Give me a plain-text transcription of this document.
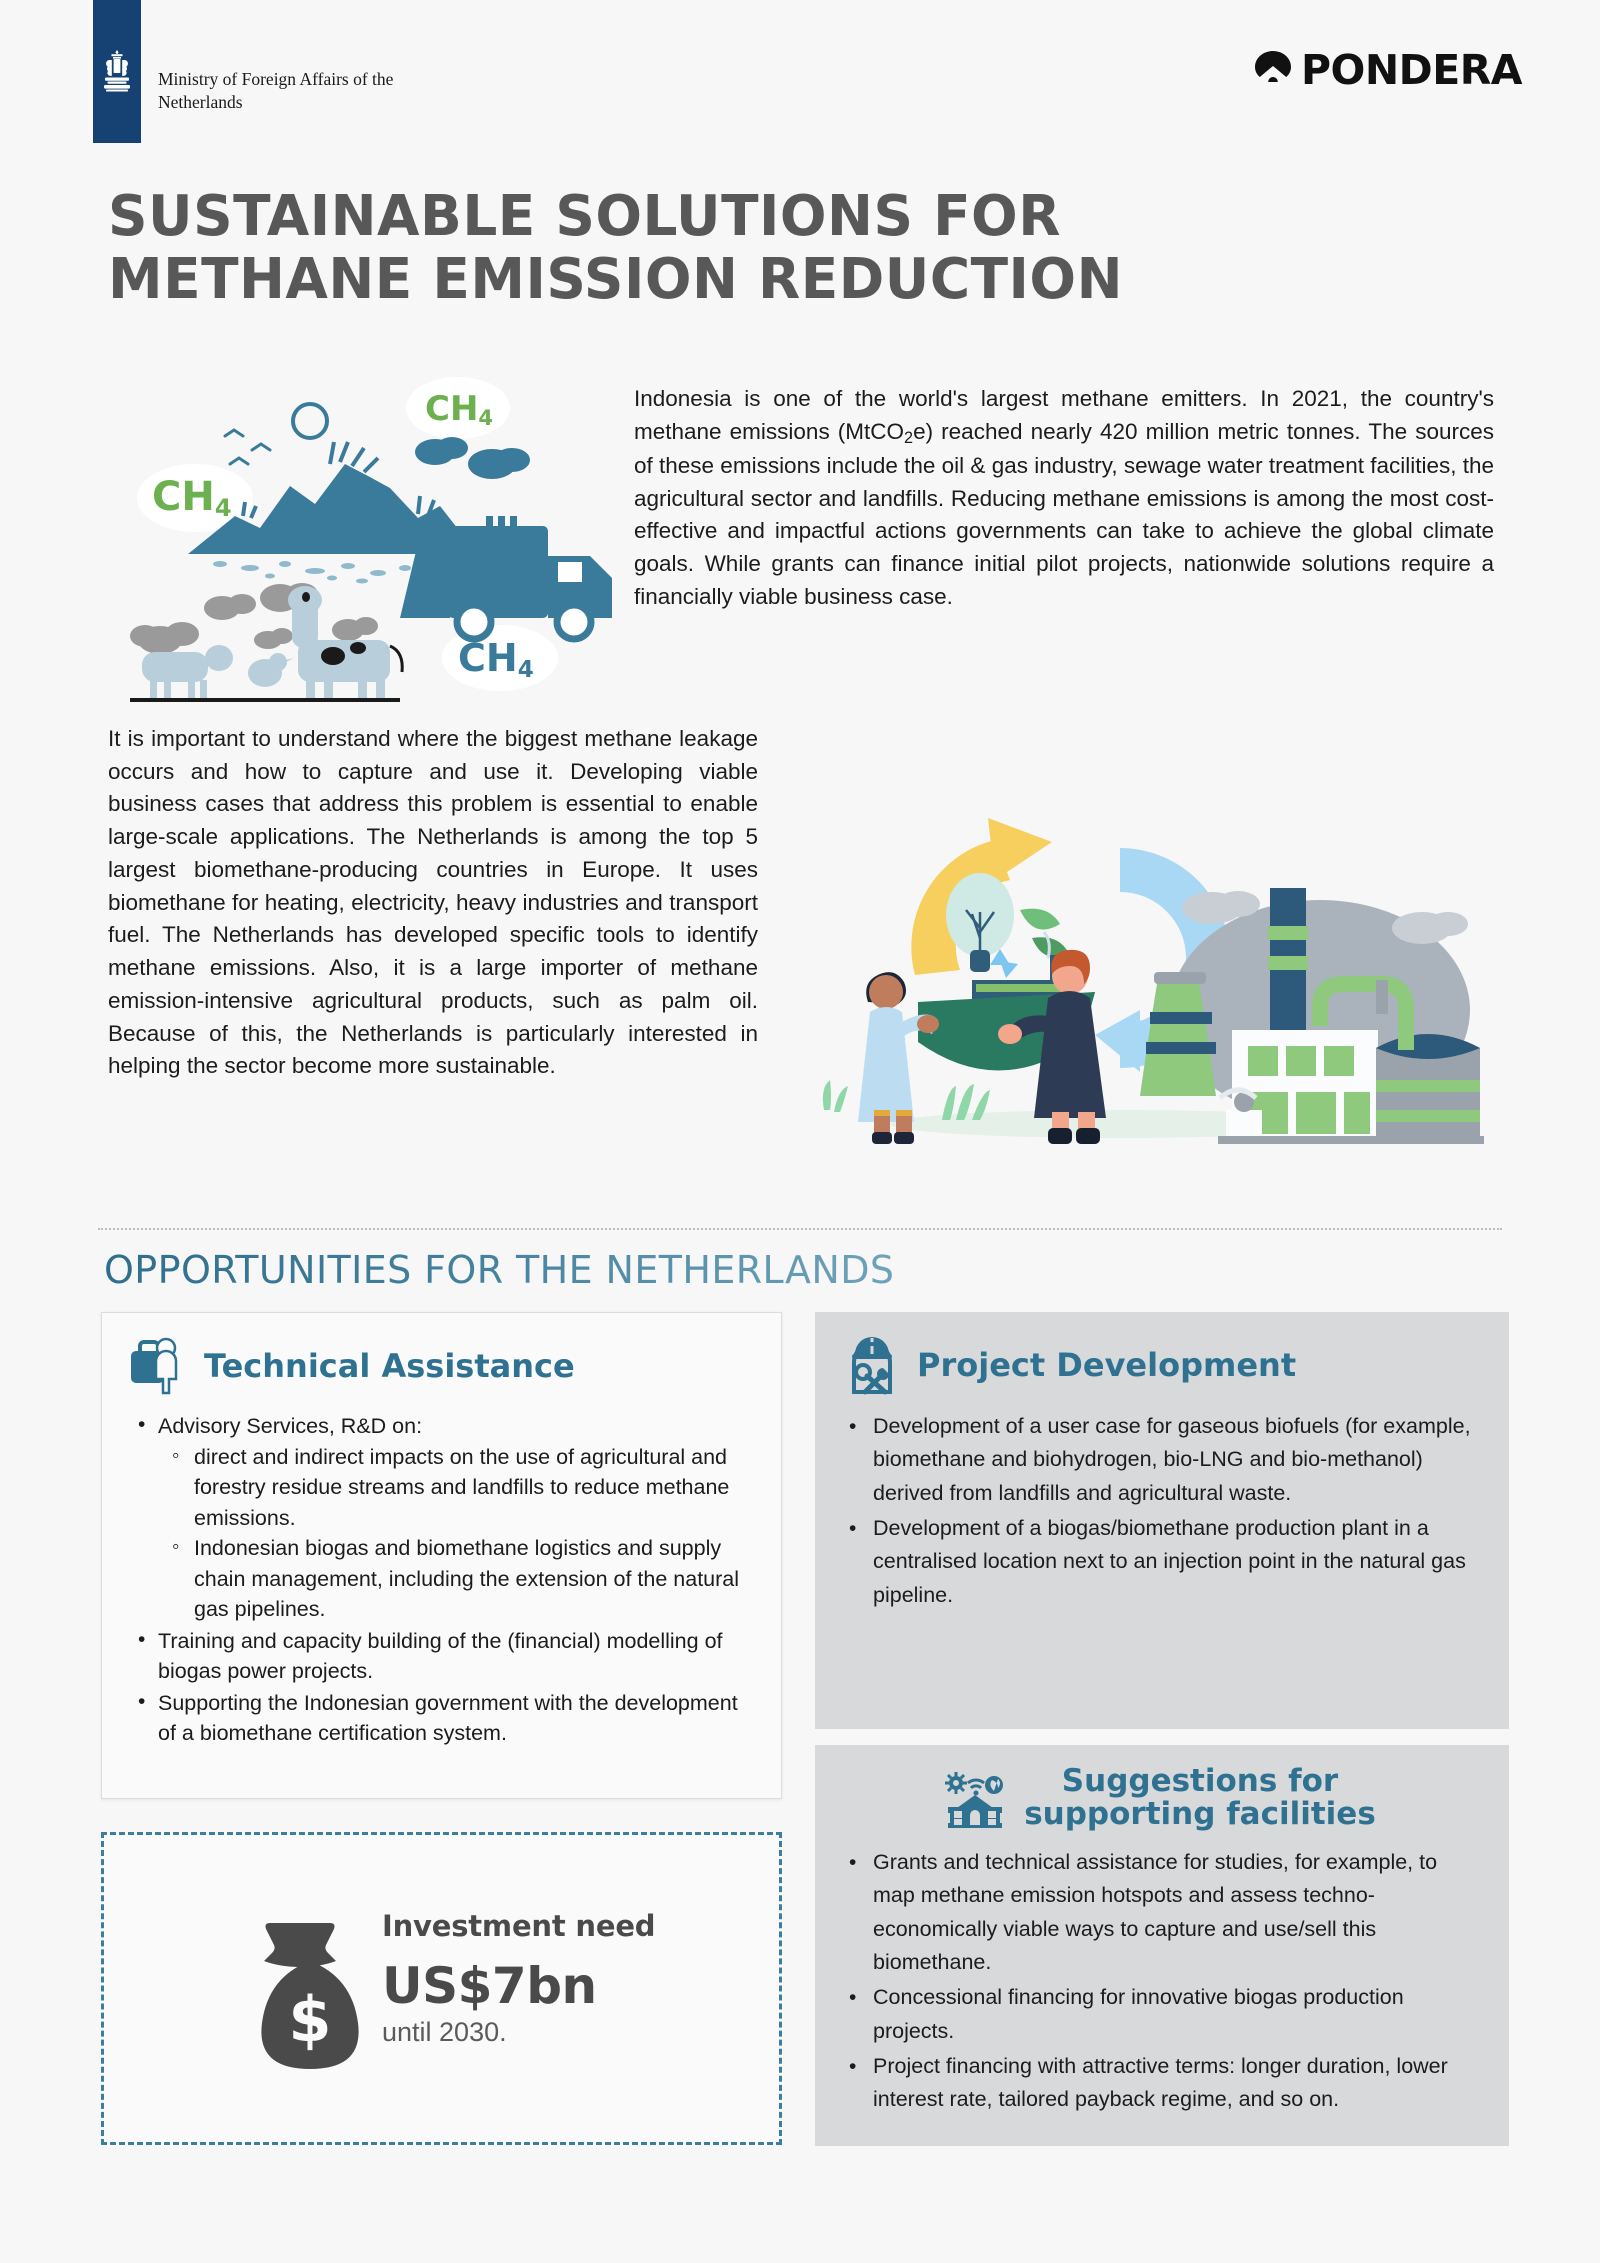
Ministry of Foreign Affairs of the
Netherlands
PONDERA
SUSTAINABLE SOLUTIONS FOR
METHANE EMISSION REDUCTION
CH4
CH4
CH4

Indonesia is one of the world's largest methane emitters. In 2021, the country's methane emissions (MtCO$_2$e) reached nearly 420 million metric tonnes. The sources of these emissions include the oil & gas industry, sewage water treatment facilities, the agricultural sector and landfills. Reducing methane emissions is among the most cost-effective and impactful actions governments can take to achieve the global climate goals. While grants can finance initial pilot projects, nationwide solutions require a financially viable business case.

It is important to understand where the biggest methane leakage occurs and how to capture and use it. Developing viable business cases that address this problem is essential to enable large-scale applications. The Netherlands is among the top 5 largest biomethane-producing countries in Europe. It uses biomethane for heating, electricity, heavy industries and transport fuel. The Netherlands has developed specific tools to identify methane emissions. Also, it is a large importer of methane emission-intensive agricultural products, such as palm oil. Because of this, the Netherlands is particularly interested in helping the sector become more sustainable.

OPPORTUNITIES FOR THE NETHERLANDS
Technical Assistance
• Advisory Services, R&D on:
◦ direct and indirect impacts on the use of agricultural and forestry residue streams and landfills to reduce methane emissions.
◦ Indonesian biogas and biomethane logistics and supply chain management, including the extension of the natural gas pipelines.
• Training and capacity building of the (financial) modelling of biogas power projects.
• Supporting the Indonesian government with the development of a biomethane certification system.
Project Development
• Development of a user case for gaseous biofuels (for example, biomethane and biohydrogen, bio-LNG and bio-methanol) derived from landfills and agricultural waste.
• Development of a biogas/biomethane production plant in a centralised location next to an injection point in the natural gas pipeline.
Suggestions for
supporting facilities
• Grants and technical assistance for studies, for example, to map methane emission hotspots and assess techno-economically viable ways to capture and use/sell this biomethane.
• Concessional financing for innovative biogas production projects.
• Project financing with attractive terms: longer duration, lower interest rate, tailored payback regime, and so on.
$
Investment need
US$7bn
until 2030.
